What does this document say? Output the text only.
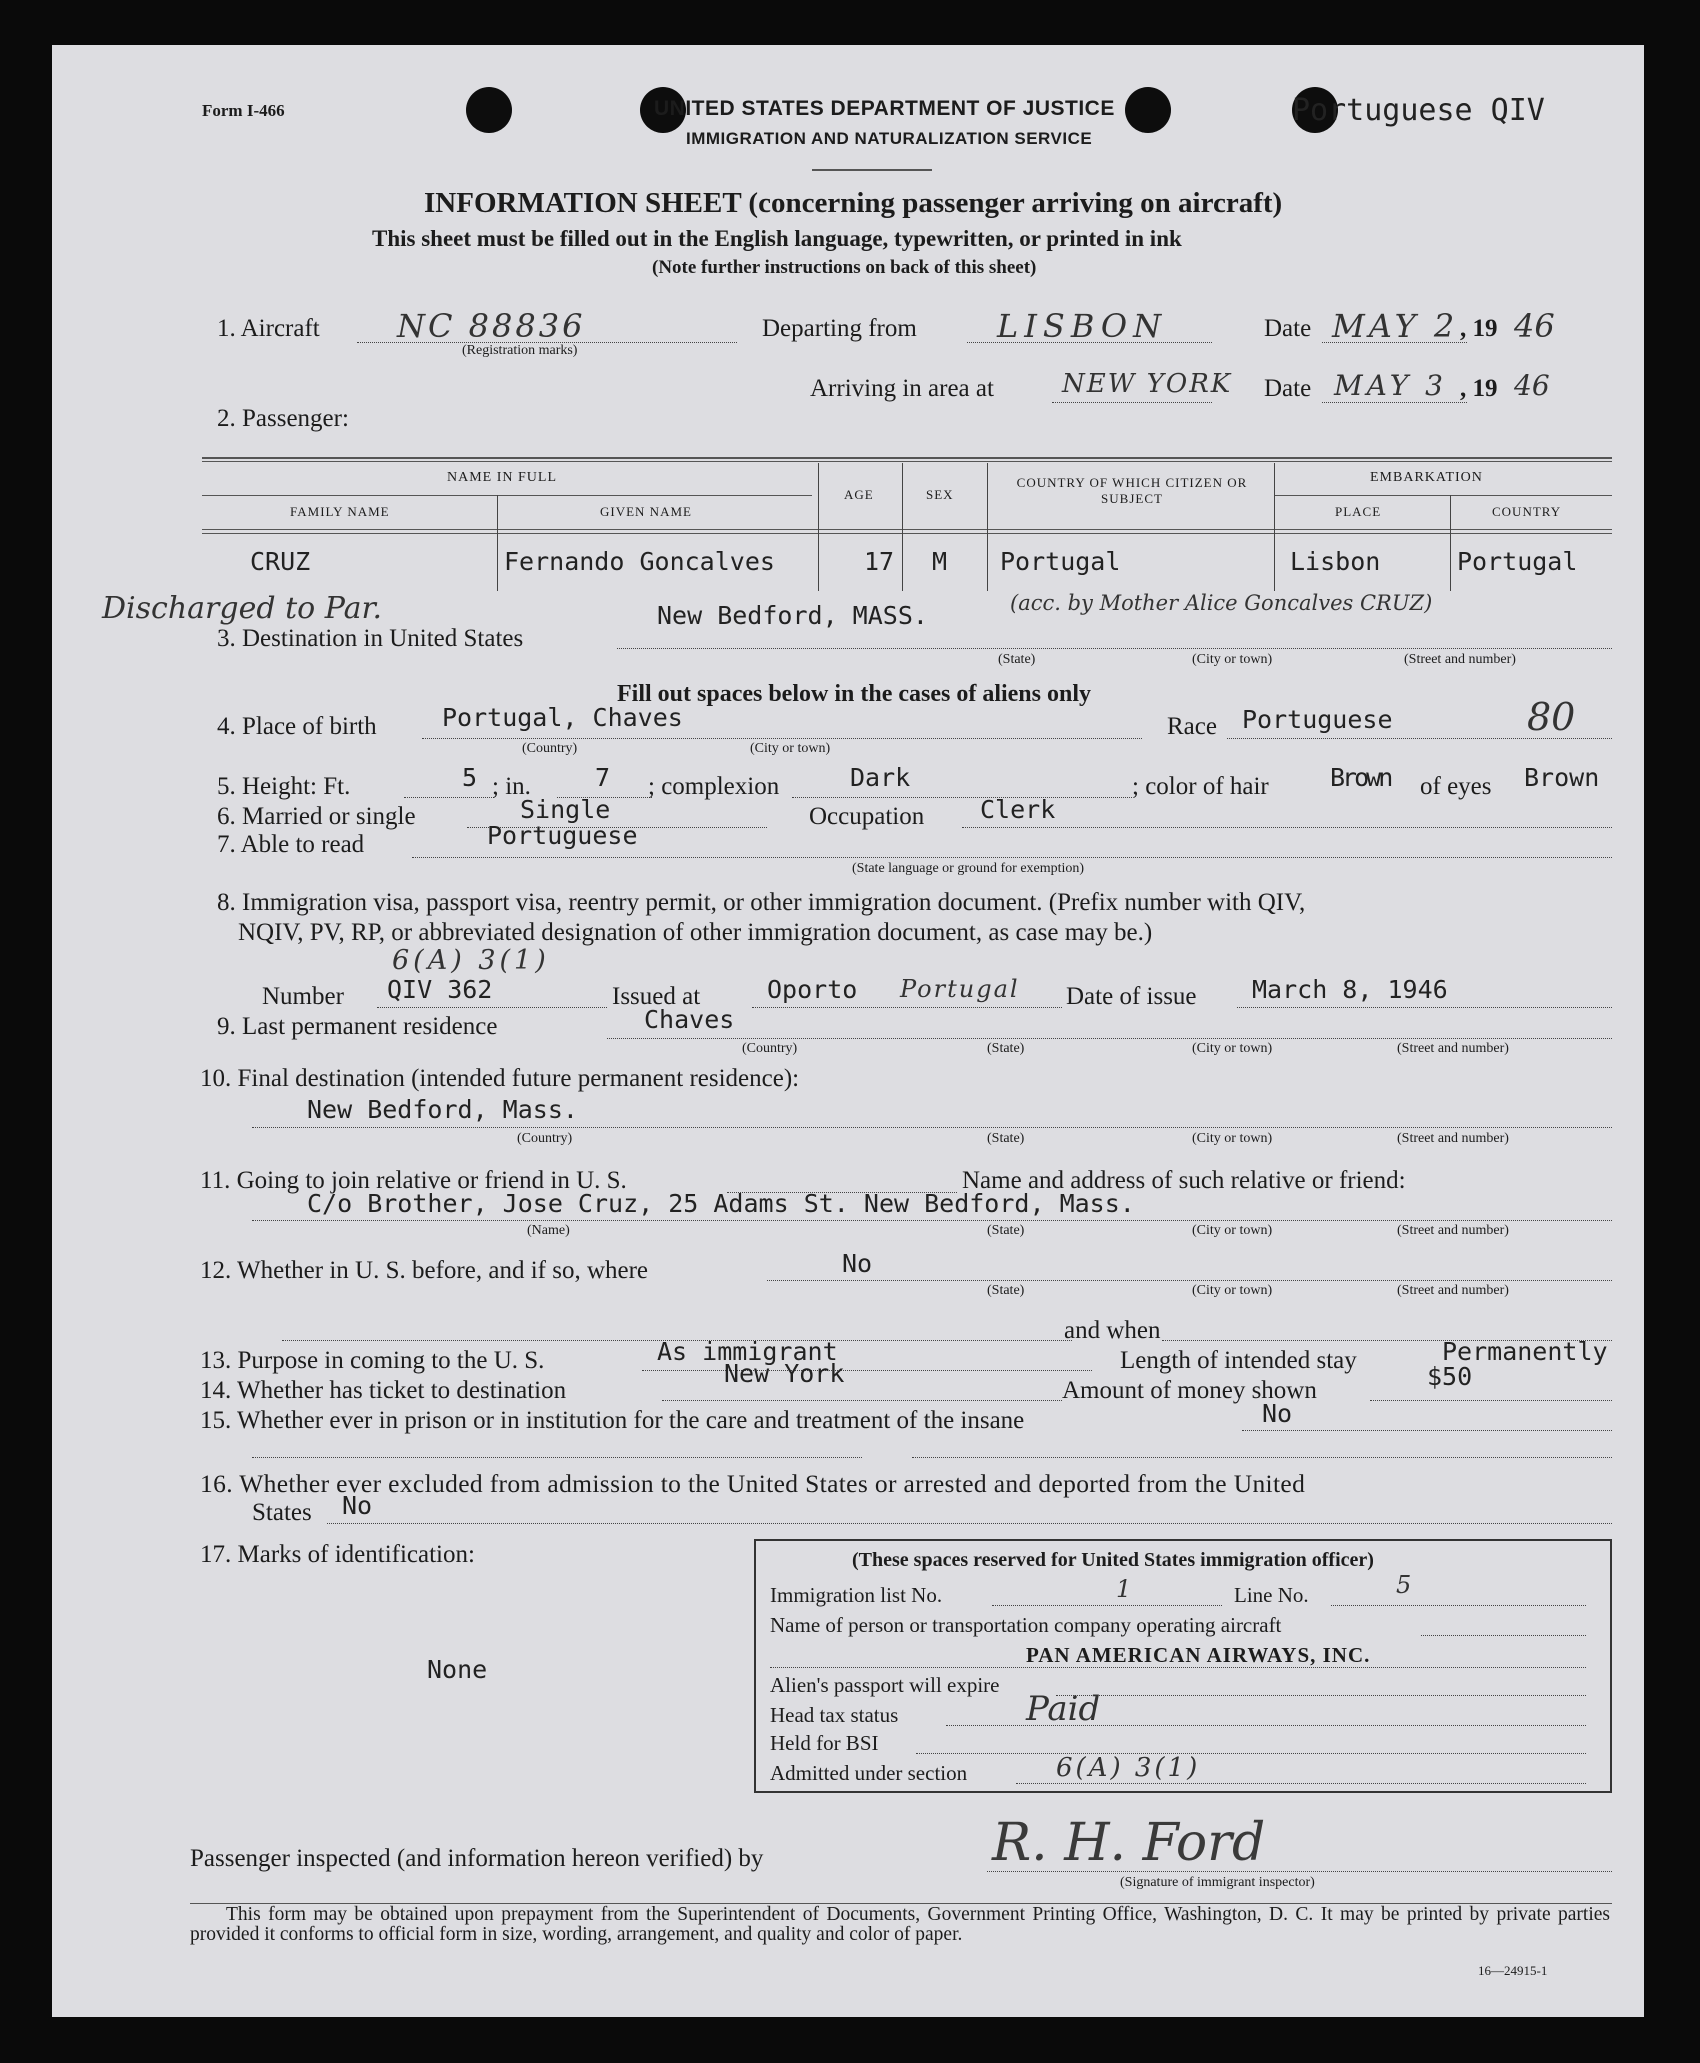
Form I-466	UNITED STATES DEPARTMENT OF JUSTICE
IMMIGRATION AND NATURALIZATION SERVICE
Portuguese QIV
INFORMATION SHEET (concerning passenger arriving on aircraft)
This sheet must be filled out in the English language, typewritten, or printed in ink
(Note further instructions on back of this sheet)
1. Aircraft NC 88836
(Registration marks)
Departing from	LISBON	Date MAY 2 , 19 46
Arriving in area at	NEW YORK Date MAY 3 , 19 46
2. Passenger:
NAME IN FULL
FAMILY NAME	GIVEN NAME
AGE	SEX
COUNTRY OF WHICH CITIZEN OR SUBJECT
EMBARKATION
PLACE	COUNTRY
CRUZ	Fernando Goncalves	17 M Portugal	Lisbon	Portugal
Discharged to Par.	New Bedford, MASS.	(acc. by Mother Alice Goncalves CRUZ)
3. Destination in United States
(State)	(City or town)	(Street and number)
Fill out spaces below in the cases of aliens only
4. Place of birth	Portugal, Chaves
(Country)	(City or town)
Race Portuguese	80
5. Height: Ft.	5 ; in.	7 ; complexion	Dark	; color of hair Brown of eyes Brown
6. Married or single	Single	Occupation Clerk
7. Able to read	Portuguese
(State language or ground for exemption)
8. Immigration visa, passport visa, reentry permit, or other immigration document. (Prefix number with QIV,
NQIV, PV, RP, or abbreviated designation of other immigration document, as case may be.)
6(A) 3(1)
Number QIV 362	Issued at	Oporto Portugal Date of issue March 8, 1946
9. Last permanent residence	Chaves
(Country)	(State)	(City or town)	(Street and number)
10. Final destination (intended future permanent residence):
New Bedford, Mass.
(Country)	(State)	(City or town)	(Street and number)
11. Going to join relative or friend in U. S.	Name and address of such relative or friend:
C/o Brother, Jose Cruz, 25 Adams St. New Bedford, Mass.
(Name)	(State)	(City or town)	(Street and number)
12. Whether in U. S. before, and if so, where	No
(State)	(City or town)	(Street and number)
and when
13. Purpose in coming to the U. S.	As immigrant	Length of intended stay	Permanently
14. Whether has ticket to destination
New York
Amount of money shown	$50
15. Whether ever in prison or in institution for the care and treatment of the insane	No
16. Whether ever excluded from admission to the United States or arrested and deported from the United
States No
17. Marks of identification:
None
(These spaces reserved for United States immigration officer)
Immigration list No.	1	Line No.	5
Name of person or transportation company operating aircraft
PAN AMERICAN AIRWAYS, INC.
Alien's passport will expire
Head tax status	Paid
Held for BSI
Admitted under section	6(A) 3(1)
Passenger inspected (and information hereon verified) by	R. H. Ford
(Signature of immigrant inspector)
This form may be obtained upon prepayment from the Superintendent of Documents, Government Printing Office, Washington, D. C. It may be printed by private parties provided it conforms to official form in size, wording, arrangement, and quality and color of paper.
16—24915-1
